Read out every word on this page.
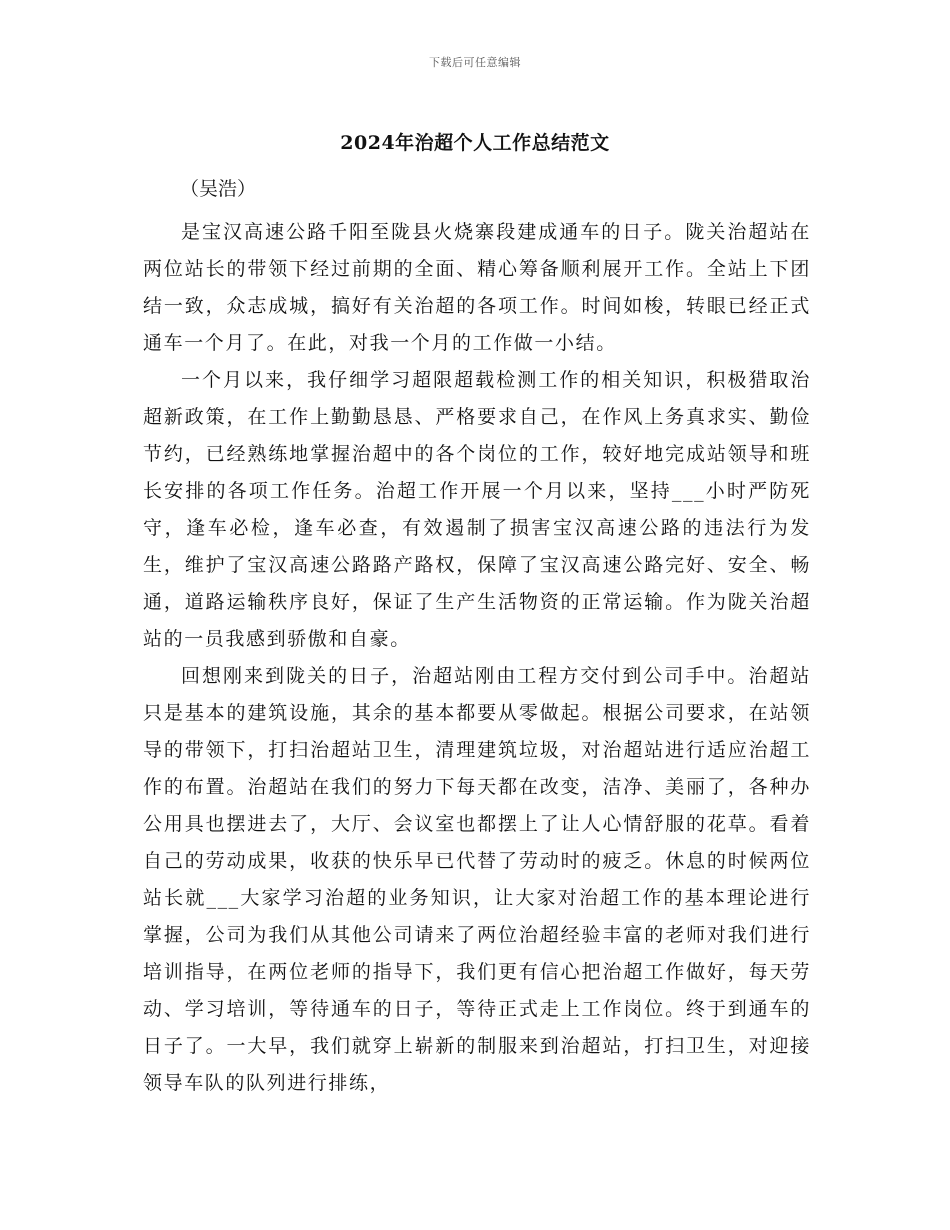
下载后可任意编辑
2024年治超个人工作总结范文
（吴浩）

是宝汉高速公路千阳至陇县火烧寨段建成通车的日子。陇关治超站在两位站长的带领下经过前期的全面、精心筹备顺利展开工作。全站上下团结一致，众志成城，搞好有关治超的各项工作。时间如梭，转眼已经正式通车一个月了。在此，对我一个月的工作做一小结。

一个月以来，我仔细学习超限超载检测工作的相关知识，积极猎取治超新政策，在工作上勤勤恳恳、严格要求自己，在作风上务真求实、勤俭节约，已经熟练地掌握治超中的各个岗位的工作，较好地完成站领导和班长安排的各项工作任务。治超工作开展一个月以来，坚持___小时严防死守，逢车必检，逢车必查，有效遏制了损害宝汉高速公路的违法行为发生，维护了宝汉高速公路路产路权，保障了宝汉高速公路完好、安全、畅通，道路运输秩序良好，保证了生产生活物资的正常运输。作为陇关治超站的一员我感到骄傲和自豪。

回想刚来到陇关的日子，治超站刚由工程方交付到公司手中。治超站只是基本的建筑设施，其余的基本都要从零做起。根据公司要求，在站领导的带领下，打扫治超站卫生，清理建筑垃圾，对治超站进行适应治超工作的布置。治超站在我们的努力下每天都在改变，洁净、美丽了，各种办公用具也摆进去了，大厅、会议室也都摆上了让人心情舒服的花草。看着自己的劳动成果，收获的快乐早已代替了劳动时的疲乏。休息的时候两位站长就___大家学习治超的业务知识，让大家对治超工作的基本理论进行掌握，公司为我们从其他公司请来了两位治超经验丰富的老师对我们进行培训指导，在两位老师的指导下，我们更有信心把治超工作做好，每天劳动、学习培训，等待通车的日子，等待正式走上工作岗位。终于到通车的日子了。一大早，我们就穿上崭新的制服来到治超站，打扫卫生，对迎接领导车队的队列进行排练，
